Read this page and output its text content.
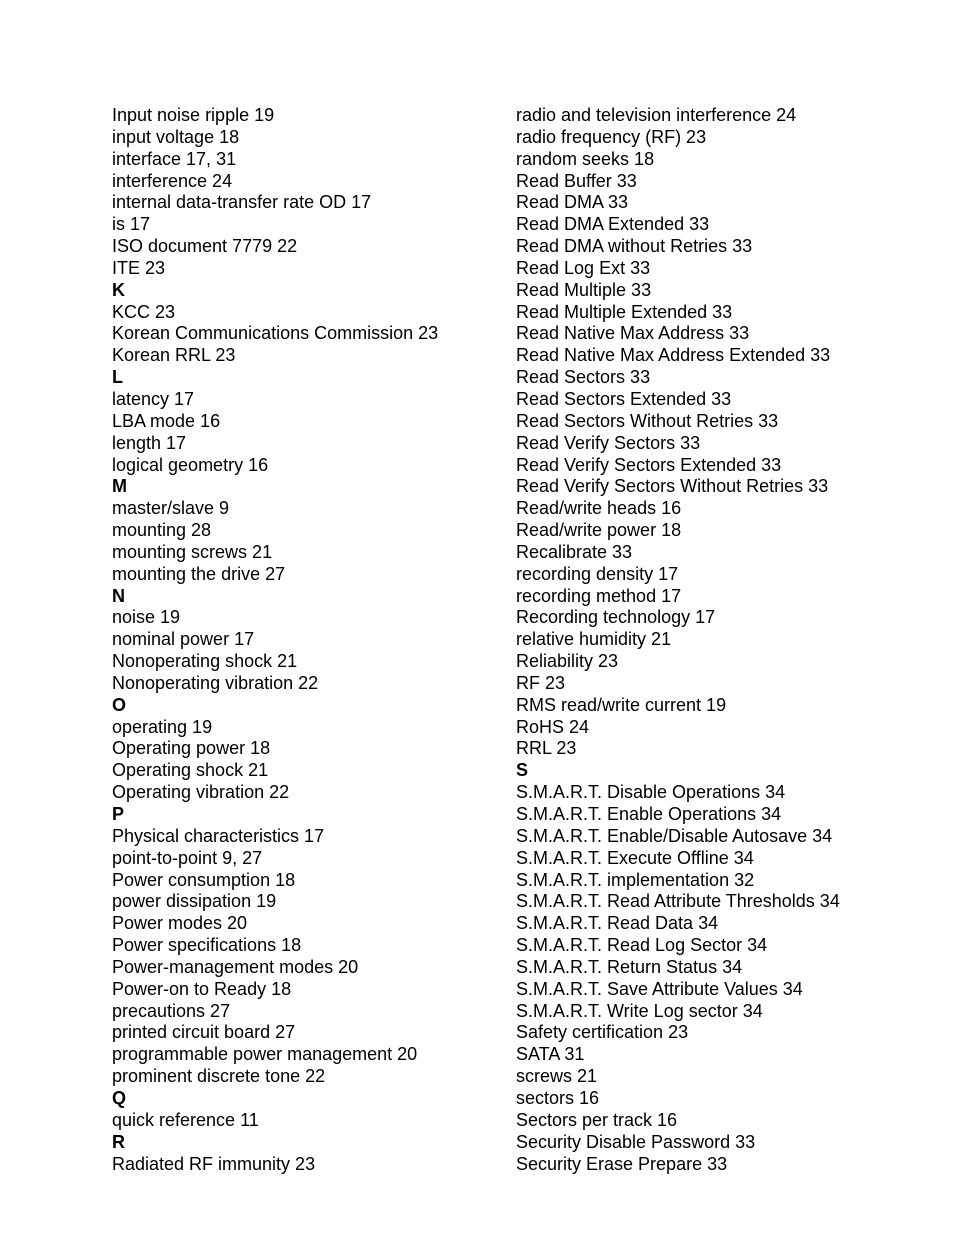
Input noise ripple 19
input voltage 18
interface 17, 31
interference 24
internal data-transfer rate OD 17
is 17
ISO document 7779 22
ITE 23
K
KCC 23
Korean Communications Commission 23
Korean RRL 23
L
latency 17
LBA mode 16
length 17
logical geometry 16
M
master/slave 9
mounting 28
mounting screws 21
mounting the drive 27
N
noise 19
nominal power 17
Nonoperating shock 21
Nonoperating vibration 22
O
operating 19
Operating power 18
Operating shock 21
Operating vibration 22
P
Physical characteristics 17
point-to-point 9, 27
Power consumption 18
power dissipation 19
Power modes 20
Power specifications 18
Power-management modes 20
Power-on to Ready 18
precautions 27
printed circuit board 27
programmable power management 20
prominent discrete tone 22
Q
quick reference 11
R
Radiated RF immunity 23
radio and television interference 24
radio frequency (RF) 23
random seeks 18
Read Buffer 33
Read DMA 33
Read DMA Extended 33
Read DMA without Retries 33
Read Log Ext 33
Read Multiple 33
Read Multiple Extended 33
Read Native Max Address 33
Read Native Max Address Extended 33
Read Sectors 33
Read Sectors Extended 33
Read Sectors Without Retries 33
Read Verify Sectors 33
Read Verify Sectors Extended 33
Read Verify Sectors Without Retries 33
Read/write heads 16
Read/write power 18
Recalibrate 33
recording density 17
recording method 17
Recording technology 17
relative humidity 21
Reliability 23
RF 23
RMS read/write current 19
RoHS 24
RRL 23
S
S.M.A.R.T. Disable Operations 34
S.M.A.R.T. Enable Operations 34
S.M.A.R.T. Enable/Disable Autosave 34
S.M.A.R.T. Execute Offline 34
S.M.A.R.T. implementation 32
S.M.A.R.T. Read Attribute Thresholds 34
S.M.A.R.T. Read Data 34
S.M.A.R.T. Read Log Sector 34
S.M.A.R.T. Return Status 34
S.M.A.R.T. Save Attribute Values 34
S.M.A.R.T. Write Log sector 34
Safety certification 23
SATA 31
screws 21
sectors 16
Sectors per track 16
Security Disable Password 33
Security Erase Prepare 33
